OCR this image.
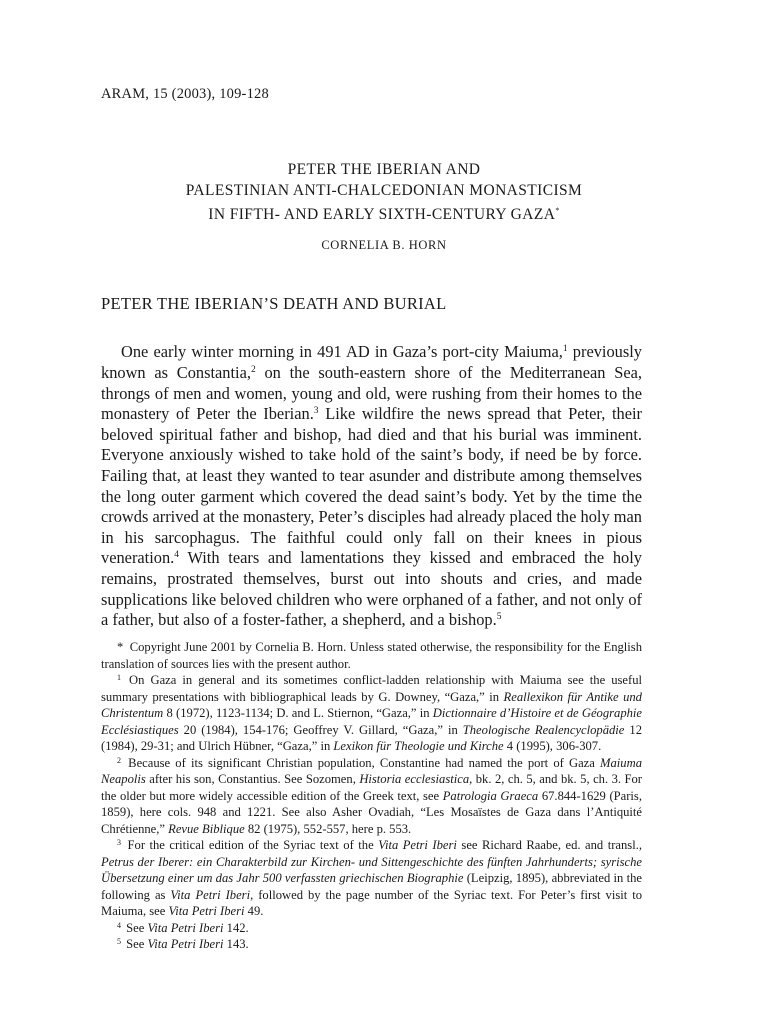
ARAM, 15 (2003), 109-128
PETER THE IBERIAN AND
PALESTINIAN ANTI-CHALCEDONIAN MONASTICISM
IN FIFTH- AND EARLY SIXTH-CENTURY GAZA*
CORNELIA B. HORN
PETER THE IBERIAN’S DEATH AND BURIAL

One early winter morning in 491 AD in Gaza’s port-city Maiuma,$^1$ previously known as Constantia,$^2$ on the south-eastern shore of the Mediterranean Sea, throngs of men and women, young and old, were rushing from their homes to the monastery of Peter the Iberian.$^3$ Like wildfire the news spread that Peter, their beloved spiritual father and bishop, had died and that his burial was imminent. Everyone anxiously wished to take hold of the saint’s body, if need be by force. Failing that, at least they wanted to tear asunder and distribute among themselves the long outer garment which covered the dead saint’s body. Yet by the time the crowds arrived at the monastery, Peter’s disciples had already placed the holy man in his sarcophagus. The faithful could only fall on their knees in pious veneration.$^4$ With tears and lamentations they kissed and embraced the holy remains, prostrated themselves, burst out into shouts and cries, and made supplications like beloved children who were orphaned of a father, and not only of a father, but also of a foster-father, a shepherd, and a bishop.$^5$

* Copyright June 2001 by Cornelia B. Horn. Unless stated otherwise, the responsibility for the English translation of sources lies with the present author.

$^1$ On Gaza in general and its sometimes conflict-ladden relationship with Maiuma see the useful summary presentations with bibliographical leads by G. Downey, “Gaza,” in Reallexikon für Antike und Christentum 8 (1972), 1123-1134; D. and L. Stiernon, “Gaza,” in Dictionnaire d’Histoire et de Géographie Ecclésiastiques 20 (1984), 154-176; Geoffrey V. Gillard, “Gaza,” in Theologische Realencyclopädie 12 (1984), 29-31; and Ulrich Hübner, “Gaza,” in Lexikon für Theologie und Kirche 4 (1995), 306-307.

$^2$ Because of its significant Christian population, Constantine had named the port of Gaza Maiuma Neapolis after his son, Constantius. See Sozomen, Historia ecclesiastica, bk. 2, ch. 5, and bk. 5, ch. 3. For the older but more widely accessible edition of the Greek text, see Patrologia Graeca 67.844-1629 (Paris, 1859), here cols. 948 and 1221. See also Asher Ovadiah, “Les Mosaïstes de Gaza dans l’Antiquité Chrétienne,” Revue Biblique 82 (1975), 552-557, here p. 553.

$^3$ For the critical edition of the Syriac text of the Vita Petri Iberi see Richard Raabe, ed. and transl., Petrus der Iberer: ein Charakterbild zur Kirchen- und Sittengeschichte des fünften Jahrhunderts; syrische Übersetzung einer um das Jahr 500 verfassten griechischen Biographie (Leipzig, 1895), abbreviated in the following as Vita Petri Iberi, followed by the page number of the Syriac text. For Peter’s first visit to Maiuma, see Vita Petri Iberi 49.

$^4$ See Vita Petri Iberi 142.

$^5$ See Vita Petri Iberi 143.
